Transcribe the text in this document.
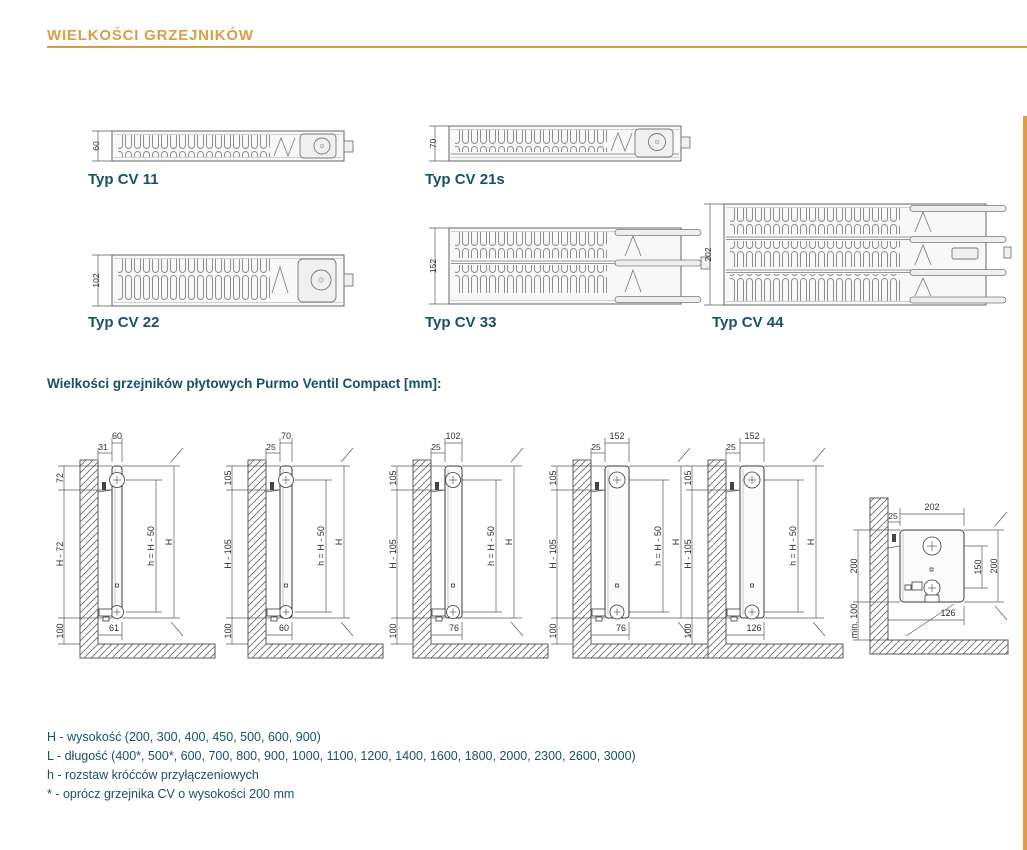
WIELKOŚCI GRZEJNIKÓW
60
Typ CV 11
70
Typ CV 21s
102
Typ CV 22
152
Typ CV 33
202
Typ CV 44
Wielkości grzejników płytowych Purmo Ventil Compact [mm]:
60
31
72
H - 72
100
h = H - 50 H
61
70
25
105
H - 105
100
h = H - 50 H
60
102
25
105
H - 105
100
h = H - 50 H
76
152
25
105
H - 105
100
h = H - 50 H
76
152
25
105
H - 105
100
h = H - 50 H
126
202
25
200
min. 100
150 200
126
H - wysokość (200, 300, 400, 450, 500, 600, 900)
L - długość (400*, 500*, 600, 700, 800, 900, 1000, 1100, 1200, 1400, 1600, 1800, 2000, 2300, 2600, 3000)
h - rozstaw króćców przyłączeniowych
* - oprócz grzejnika CV o wysokości 200 mm
